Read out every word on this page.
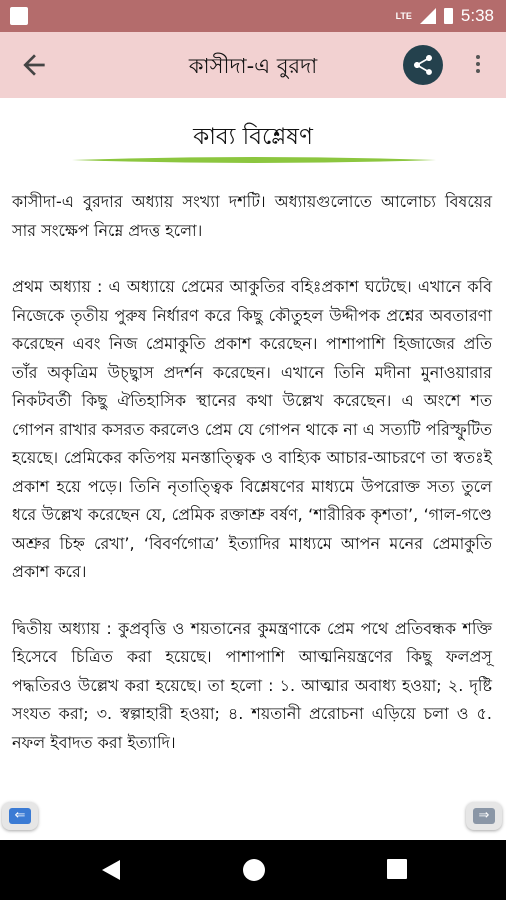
LTE	5:38
কাসীদা-এ বুরদা
কাব্য বিশ্লেষণ

কাসীদা-এ বুরদার অধ্যায় সংখ্যা দশটি। অধ্যায়গুলোতে আলোচ্য বিষয়ের সার সংক্ষেপ নিম্নে প্রদত্ত হলো।

প্রথম অধ্যায় : এ অধ্যায়ে প্রেমের আকুতির বহিঃপ্রকাশ ঘটেছে। এখানে কবি নিজেকে তৃতীয় পুরুষ নির্ধারণ করে কিছু কৌতুহল উদ্দীপক প্রশ্নের অবতারণা করেছেন এবং নিজ প্রেমাকুতি প্রকাশ করেছেন। পাশাপাশি হিজাজের প্রতি তাঁর অকৃত্রিম উচ্ছ্বাস প্রদর্শন করেছেন। এখানে তিনি মদীনা মুনাওয়ারার নিকটবর্তী কিছু ঐতিহাসিক স্থানের কথা উল্লেখ করেছেন। এ অংশে শত গোপন রাখার কসরত করলেও প্রেম যে গোপন থাকে না এ সত্যটি পরিস্ফুটিত হয়েছে। প্রেমিকের কতিপয় মনস্তাত্ত্বিক ও বাহ্যিক আচার-আচরণে তা স্বতঃই প্রকাশ হয়ে পড়ে। তিনি নৃতাত্ত্বিক বিশ্লেষণের মাধ্যমে উপরোক্ত সত্য তুলে ধরে উল্লেখ করেছেন যে, প্রেমিক রক্তাশ্রু বর্ষণ, ‘শারীরিক কৃশতা’, ‘গাল-গণ্ডে অশ্রুর চিহ্ন রেখা’, ‘বিবর্ণগোত্র’ ইত্যাদির মাধ্যমে আপন মনের প্রেমাকুতি প্রকাশ করে।

দ্বিতীয় অধ্যায় : কুপ্রবৃত্তি ও শয়তানের কুমন্ত্রণাকে প্রেম পথে প্রতিবন্ধক শক্তি হিসেবে চিত্রিত করা হয়েছে। পাশাপাশি আত্মনিয়ন্ত্রণের কিছু ফলপ্রসূ পদ্ধতিরও উল্লেখ করা হয়েছে। তা হলো : ১. আত্মার অবাধ্য হওয়া; ২. দৃষ্টি সংযত করা; ৩. স্বল্পাহারী হওয়া; ৪. শয়তানী প্ররোচনা এড়িয়ে চলা ও ৫. নফল ইবাদত করা ইত্যাদি।

⇐	⇒
